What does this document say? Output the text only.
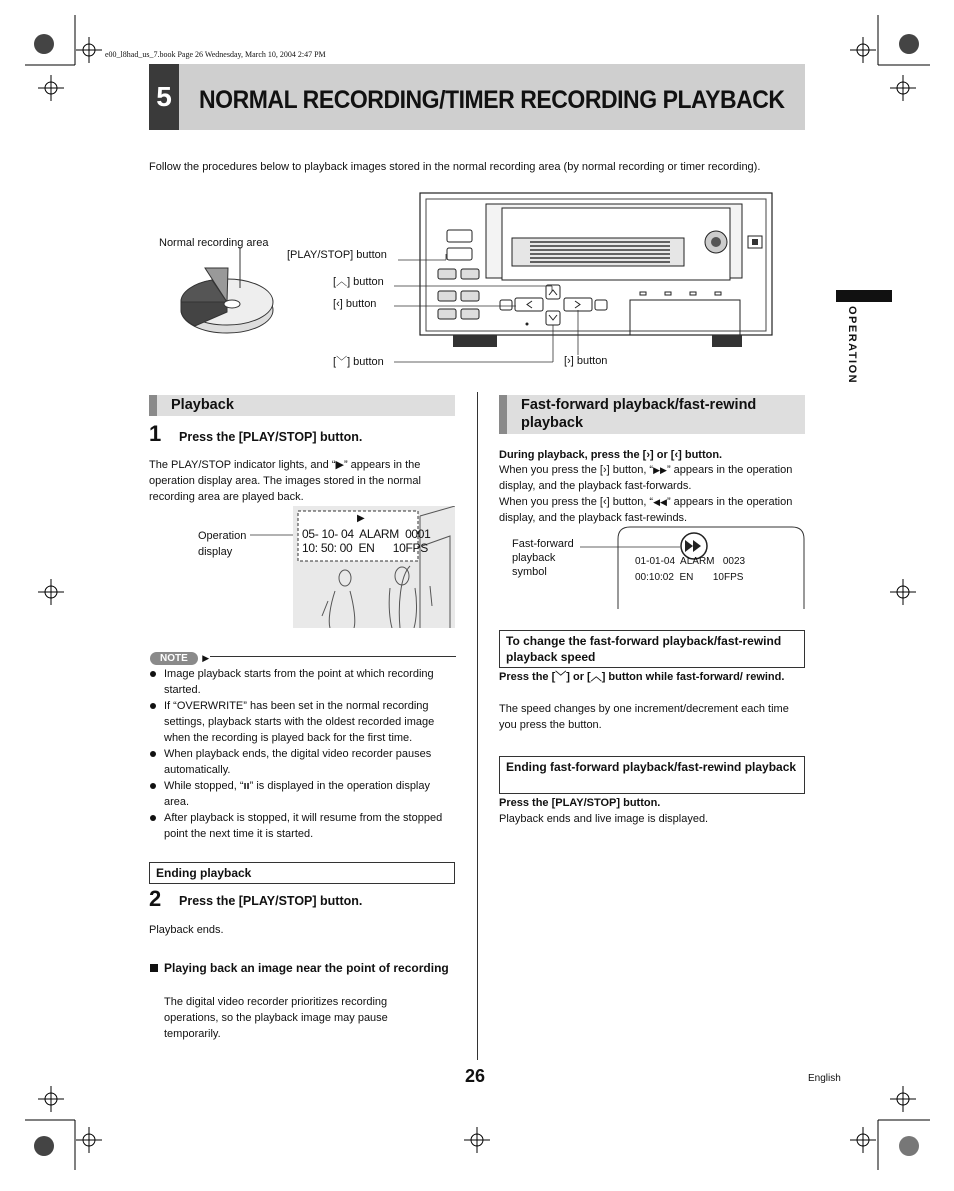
e00_l8had_us_7.book Page 26 Wednesday, March 10, 2004 2:47 PM
5 NORMAL RECORDING/TIMER RECORDING PLAYBACK
Follow the procedures below to playback images stored in the normal recording area (by normal recording or timer recording).
Normal recording area
[PLAY/STOP] button
[︿] button
[‹] button
[﹀] button	[›] button	OPERATION
Playback
1 Press the [PLAY/STOP] button.
The PLAY/STOP indicator lights, and “▶” appears in the operation display area. The images stored in the normal recording area are played back.
Operation display
▶
05- 10- 04 ALARM 0001
10: 50: 00 EN 10FPS
NOTE ▶
Image playback starts from the point at which recording started.
If “OVERWRITE” has been set in the normal recording settings, playback starts with the oldest recorded image when the recording is played back for the first time.
When playback ends, the digital video recorder pauses automatically.
While stopped, “ıı” is displayed in the operation display area.
After playback is stopped, it will resume from the stopped point the next time it is started.
Ending playback
2 Press the [PLAY/STOP] button.
Playback ends.
Playing back an image near the point of recording
The digital video recorder prioritizes recording operations, so the playback image may pause temporarily.
Fast-forward playback/fast-rewind playback
During playback, press the [›] or [‹] button.
When you press the [›] button, “▶▶” appears in the operation display, and the playback fast-forwards.
When you press the [‹] button, “◀◀” appears in the operation display, and the playback fast-rewinds.
Fast-forward playback symbol
01-01-04 ALARM 0023
00:10:02 EN 10FPS
To change the fast-forward playback/fast-rewind playback speed
Press the [﹀] or [︿] button while fast-forward/ rewind.
The speed changes by one increment/decrement each time you press the button.
Ending fast-forward playback/fast-rewind playback
Press the [PLAY/STOP] button.
Playback ends and live image is displayed.
26	English
